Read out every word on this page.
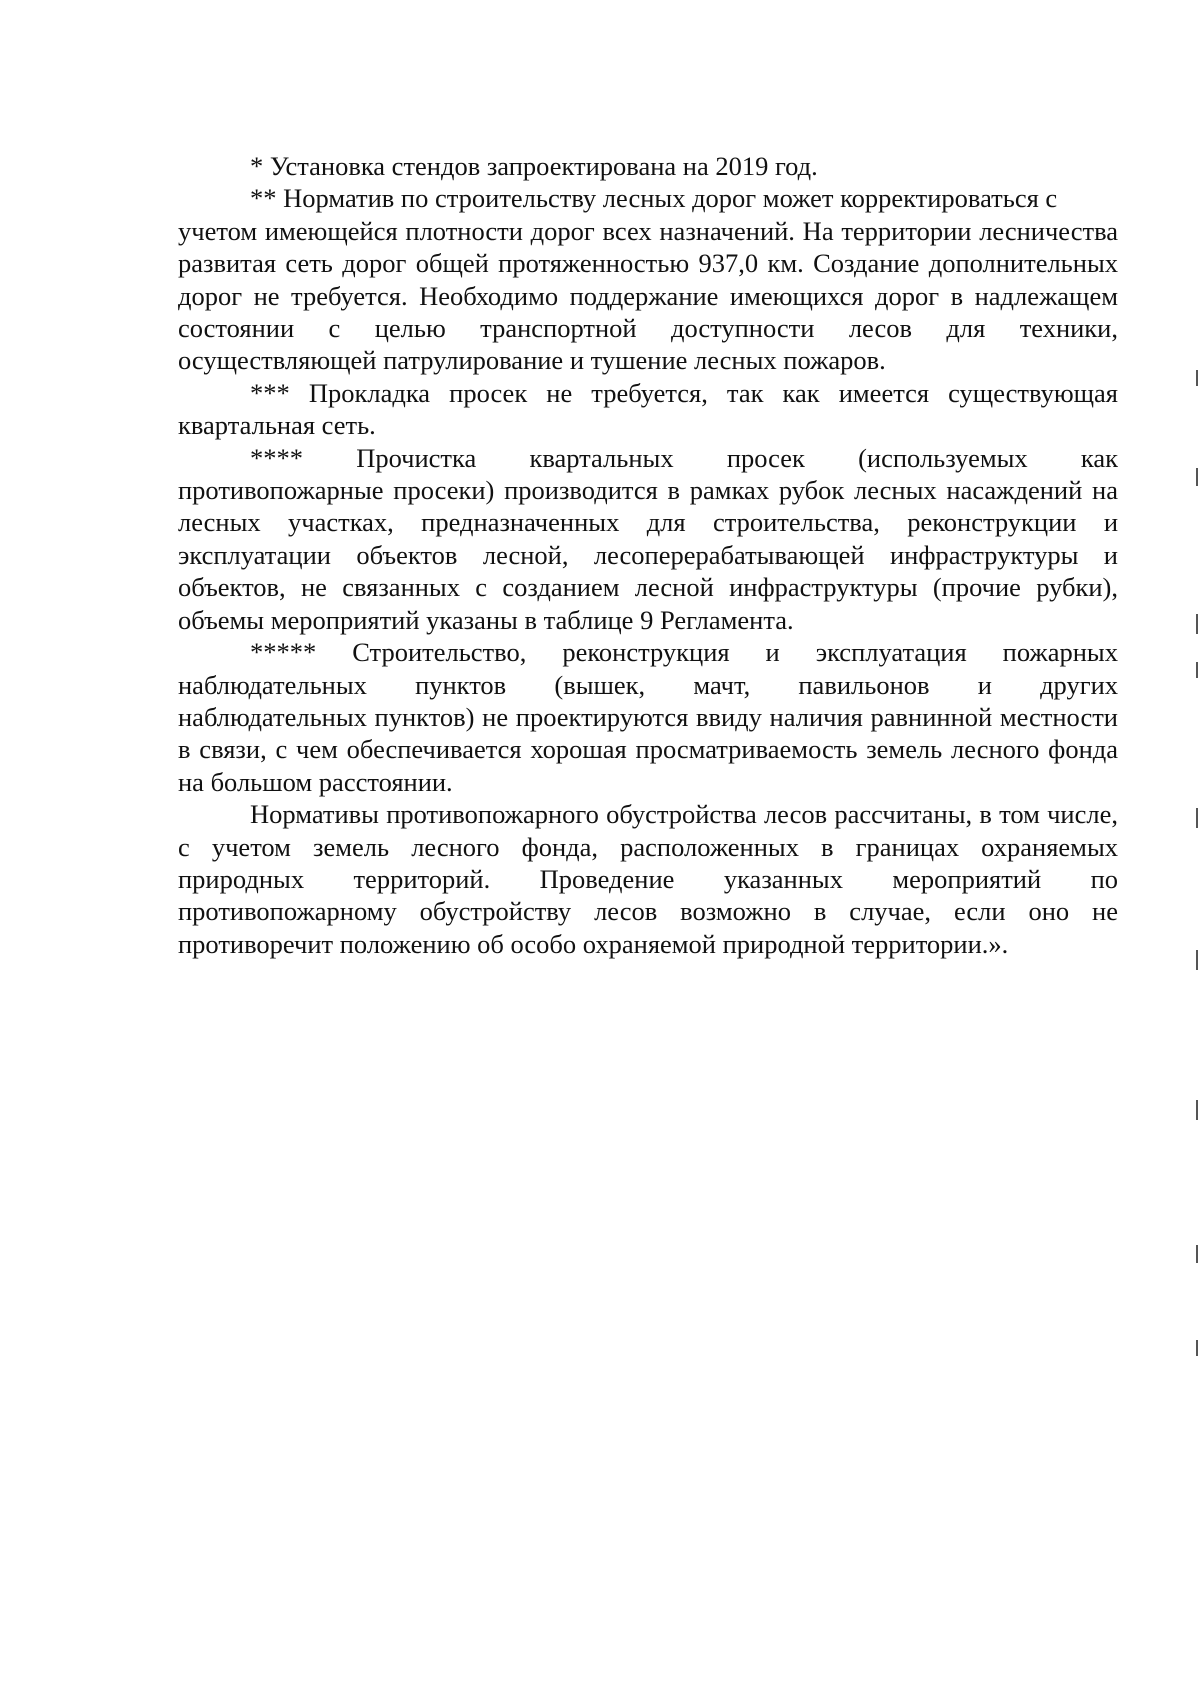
* Установка стендов запроектирована на 2019 год.

** Норматив по строительству лесных дорог может корректироваться с

учетом имеющейся плотности дорог всех назначений. На территории лесничества развитая сеть дорог общей протяженностью 937,0 км. Создание дополнительных дорог не требуется. Необходимо поддержание имеющихся дорог в надлежащем состоянии с целью транспортной доступности лесов для техники, осуществляющей патрулирование и тушение лесных пожаров.

*** Прокладка просек не требуется, так как имеется существующая квартальная сеть.

**** Прочистка квартальных просек (используемых как

противопожарные просеки) производится в рамках рубок лесных насаждений на лесных участках, предназначенных для строительства, реконструкции и эксплуатации объектов лесной, лесоперерабатывающей инфраструктуры и объектов, не связанных с созданием лесной инфраструктуры (прочие рубки), объемы мероприятий указаны в таблице 9 Регламента.

***** Строительство, реконструкция и эксплуатация пожарных
наблюдательных пунктов (вышек, мачт, павильонов и других

наблюдательных пунктов) не проектируются ввиду наличия равнинной местности в связи, с чем обеспечивается хорошая просматриваемость земель лесного фонда на большом расстоянии.

Нормативы противопожарного обустройства лесов рассчитаны, в том числе, с учетом земель лесного фонда, расположенных в границах охраняемых природных территорий. Проведение указанных мероприятий по противопожарному обустройству лесов возможно в случае, если оно не противоречит положению об особо охраняемой природной территории.».
